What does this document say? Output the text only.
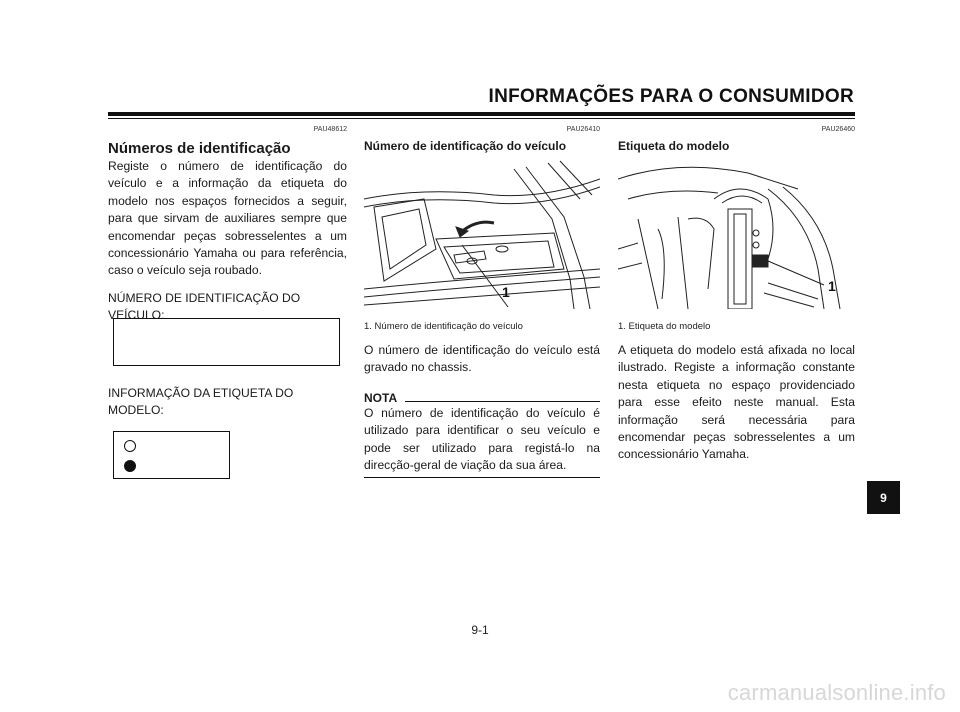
INFORMAÇÕES PARA O CONSUMIDOR
PAU48612
Números de identificação

Registe o número de identificação do veículo e a informação da etiqueta do modelo nos espaços fornecidos a seguir, para que sirvam de auxiliares sempre que encomendar peças sobresselentes a um concessionário Yamaha ou para referência, caso o veículo seja roubado.

NÚMERO DE IDENTIFICAÇÃO DO VEÍCULO:

INFORMAÇÃO DA ETIQUETA DO MODELO:

PAU26410
Número de identificação do veículo
1
1. Número de identificação do veículo

O número de identificação do veículo está gravado no chassis.

NOTA

O número de identificação do veículo é utilizado para identificar o seu veículo e pode ser utilizado para registá-lo na direcção-geral de viação da sua área.

PAU26460
Etiqueta do modelo
1
1. Etiqueta do modelo

A etiqueta do modelo está afixada no local ilustrado. Registe a informação constante nesta etiqueta no espaço providenciado para esse efeito neste manual. Esta informação será necessária para encomendar peças sobresselentes a um concessionário Yamaha.

9
9-1
carmanualsonline.info
